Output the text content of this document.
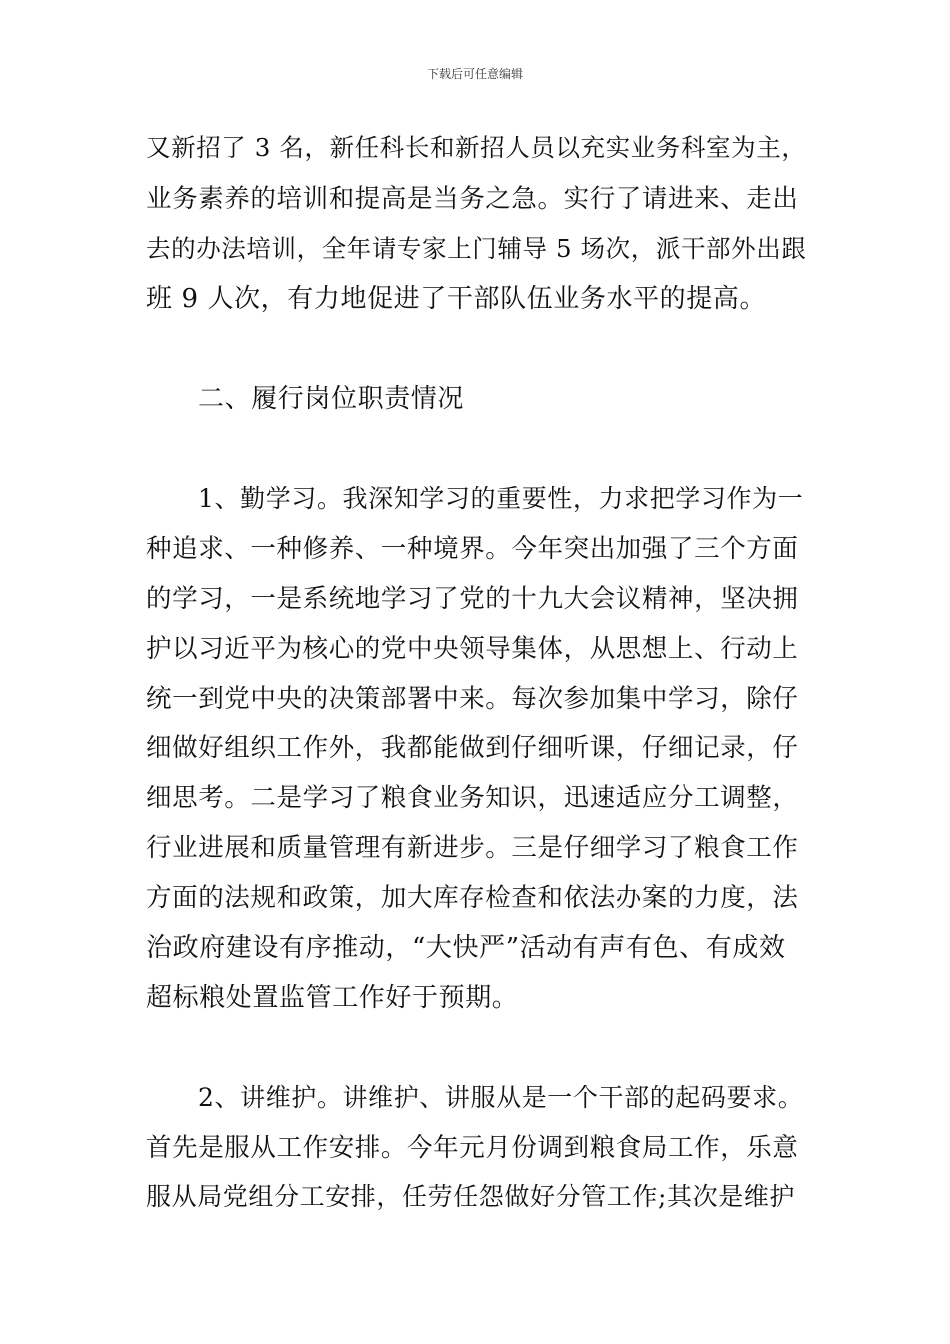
下载后可任意编辑
又新招了 3 名，新任科长和新招人员以充实业务科室为主，
业务素养的培训和提高是当务之急。实行了请进来、走出
去的办法培训，全年请专家上门辅导 5 场次，派干部外出跟
班 9 人次，有力地促进了干部队伍业务水平的提高。
二、履行岗位职责情况
1、勤学习。我深知学习的重要性，力求把学习作为一
种追求、一种修养、一种境界。今年突出加强了三个方面
的学习，一是系统地学习了党的十九大会议精神，坚决拥
护以习近平为核心的党中央领导集体，从思想上、行动上
统一到党中央的决策部署中来。每次参加集中学习，除仔
细做好组织工作外，我都能做到仔细听课，仔细记录，仔
细思考。二是学习了粮食业务知识，迅速适应分工调整，
行业进展和质量管理有新进步。三是仔细学习了粮食工作
方面的法规和政策，加大库存检查和依法办案的力度，法
治政府建设有序推动，“大快严”活动有声有色、有成效
超标粮处置监管工作好于预期。
2、讲维护。讲维护、讲服从是一个干部的起码要求。
首先是服从工作安排。今年元月份调到粮食局工作，乐意
服从局党组分工安排，任劳任怨做好分管工作;其次是维护
